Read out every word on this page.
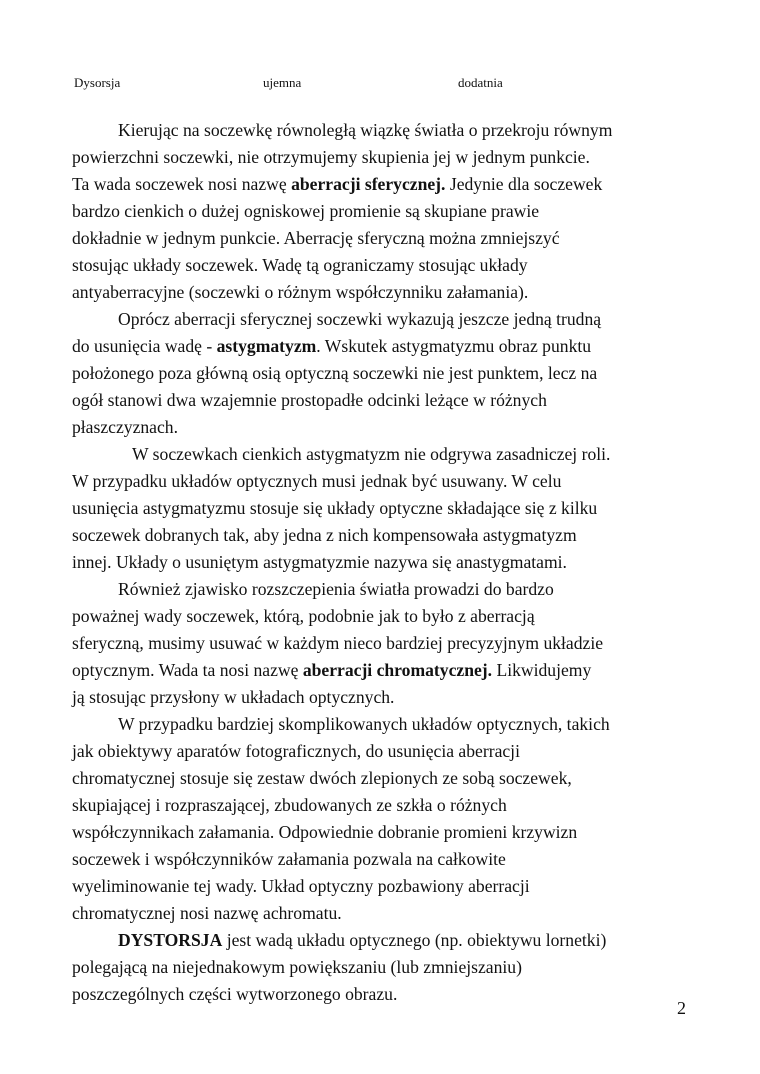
Dysorsja	ujemna	dodatnia
Kierując na soczewkę równoległą wiązkę światła o przekroju równym
powierzchni soczewki, nie otrzymujemy skupienia jej w jednym punkcie.
Ta wada soczewek nosi nazwę aberracji sferycznej. Jedynie dla soczewek
bardzo cienkich o dużej ogniskowej promienie są skupiane prawie
dokładnie w jednym punkcie. Aberrację sferyczną można zmniejszyć
stosując układy soczewek. Wadę tą ograniczamy stosując układy
antyaberracyjne (soczewki o różnym współczynniku załamania).
Oprócz aberracji sferycznej soczewki wykazują jeszcze jedną trudną
do usunięcia wadę - astygmatyzm. Wskutek astygmatyzmu obraz punktu
położonego poza główną osią optyczną soczewki nie jest punktem, lecz na
ogół stanowi dwa wzajemnie prostopadłe odcinki leżące w różnych
płaszczyznach.
W soczewkach cienkich astygmatyzm nie odgrywa zasadniczej roli.
W przypadku układów optycznych musi jednak być usuwany. W celu
usunięcia astygmatyzmu stosuje się układy optyczne składające się z kilku
soczewek dobranych tak, aby jedna z nich kompensowała astygmatyzm
innej. Układy o usuniętym astygmatyzmie nazywa się anastygmatami.
Również zjawisko rozszczepienia światła prowadzi do bardzo
poważnej wady soczewek, którą, podobnie jak to było z aberracją
sferyczną, musimy usuwać w każdym nieco bardziej precyzyjnym układzie
optycznym. Wada ta nosi nazwę aberracji chromatycznej. Likwidujemy
ją stosując przysłony w układach optycznych.
W przypadku bardziej skomplikowanych układów optycznych, takich
jak obiektywy aparatów fotograficznych, do usunięcia aberracji
chromatycznej stosuje się zestaw dwóch zlepionych ze sobą soczewek,
skupiającej i rozpraszającej, zbudowanych ze szkła o różnych
współczynnikach załamania. Odpowiednie dobranie promieni krzywizn
soczewek i współczynników załamania pozwala na całkowite
wyeliminowanie tej wady. Układ optyczny pozbawiony aberracji
chromatycznej nosi nazwę achromatu.
DYSTORSJA jest wadą układu optycznego (np. obiektywu lornetki)
polegającą na niejednakowym powiększaniu (lub zmniejszaniu)
poszczególnych części wytworzonego obrazu.
2
